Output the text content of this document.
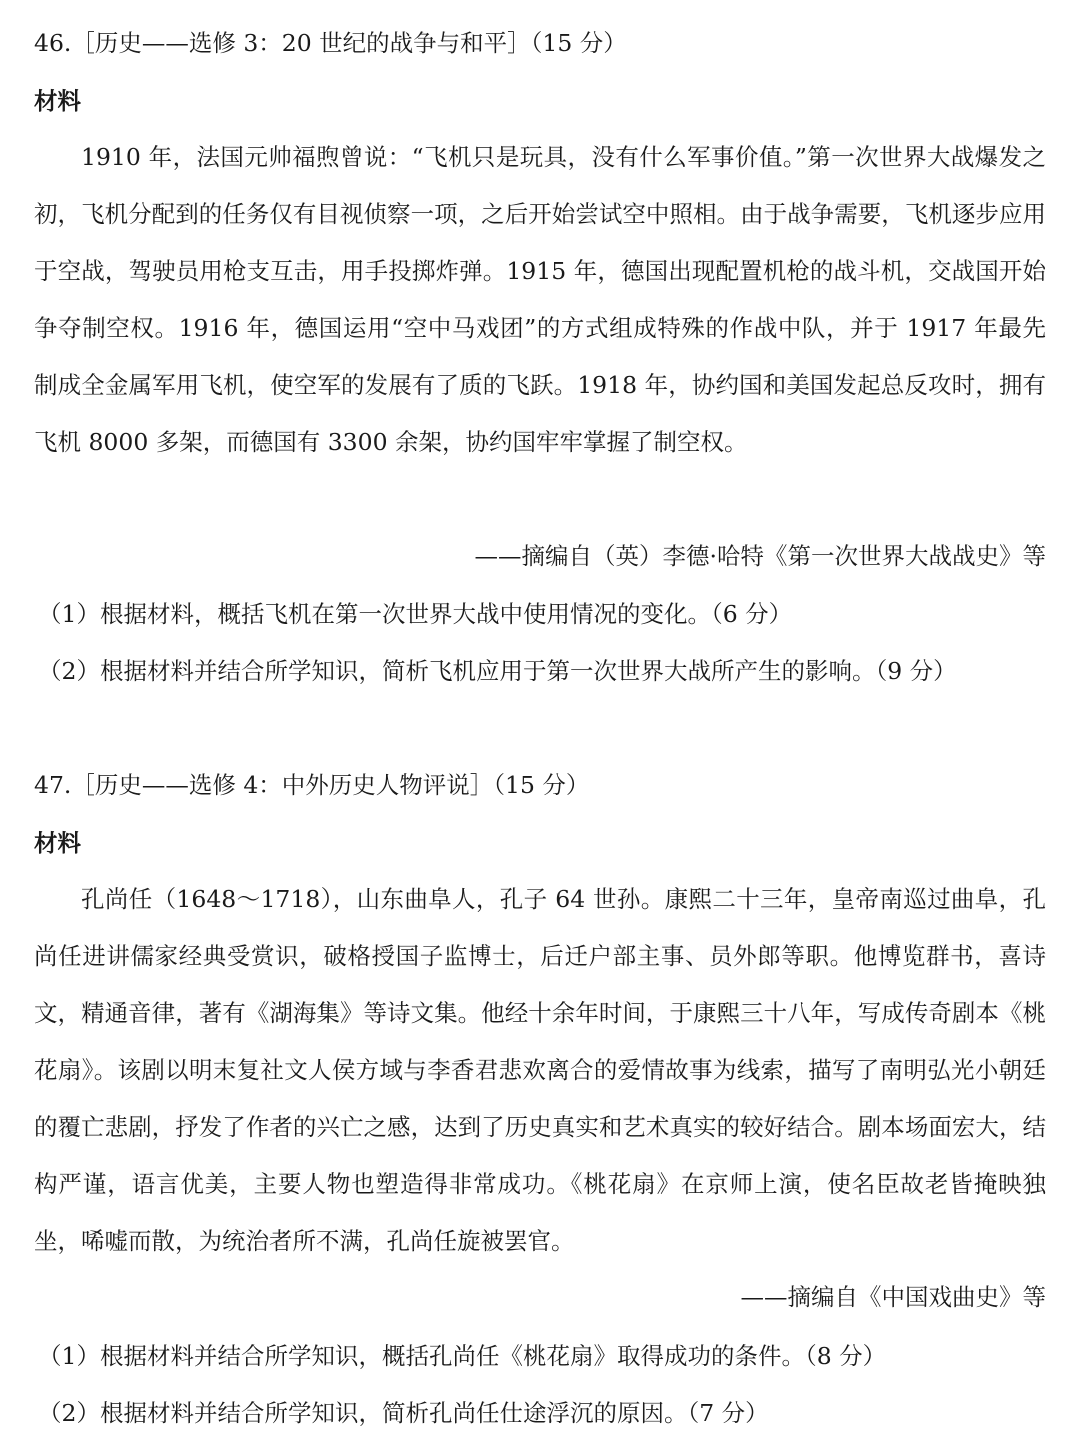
46.［历史——选修 3：20 世纪的战争与和平］（15 分）
材料

1910 年，法国元帅福煦曾说：“飞机只是玩具，没有什么军事价值。”第一次世界大战爆发之初，飞机分配到的任务仅有目视侦察一项，之后开始尝试空中照相。由于战争需要，飞机逐步应用于空战，驾驶员用枪支互击，用手投掷炸弹。1915 年，德国出现配置机枪的战斗机，交战国开始争夺制空权。1916 年，德国运用“空中马戏团”的方式组成特殊的作战中队，并于 1917 年最先制成全金属军用飞机，使空军的发展有了质的飞跃。1918 年，协约国和美国发起总反攻时，拥有飞机 8000 多架，而德国有 3300 余架，协约国牢牢掌握了制空权。

——摘编自（英）李德·哈特《第一次世界大战战史》等
（1）根据材料，概括飞机在第一次世界大战中使用情况的变化。（6 分）
（2）根据材料并结合所学知识，简析飞机应用于第一次世界大战所产生的影响。（9 分）
47.［历史——选修 4：中外历史人物评说］（15 分）
材料

孔尚任（1648～1718），山东曲阜人，孔子 64 世孙。康熙二十三年，皇帝南巡过曲阜，孔尚任进讲儒家经典受赏识，破格授国子监博士，后迁户部主事、员外郎等职。他博览群书，喜诗文，精通音律，著有《湖海集》等诗文集。他经十余年时间，于康熙三十八年，写成传奇剧本《桃花扇》。该剧以明末复社文人侯方域与李香君悲欢离合的爱情故事为线索，描写了南明弘光小朝廷的覆亡悲剧，抒发了作者的兴亡之感，达到了历史真实和艺术真实的较好结合。剧本场面宏大，结构严谨，语言优美，主要人物也塑造得非常成功。《桃花扇》在京师上演，使名臣故老皆掩映独坐，唏嘘而散，为统治者所不满，孔尚任旋被罢官。

——摘编自《中国戏曲史》等
（1）根据材料并结合所学知识，概括孔尚任《桃花扇》取得成功的条件。（8 分）
（2）根据材料并结合所学知识，简析孔尚任仕途浮沉的原因。（7 分）
